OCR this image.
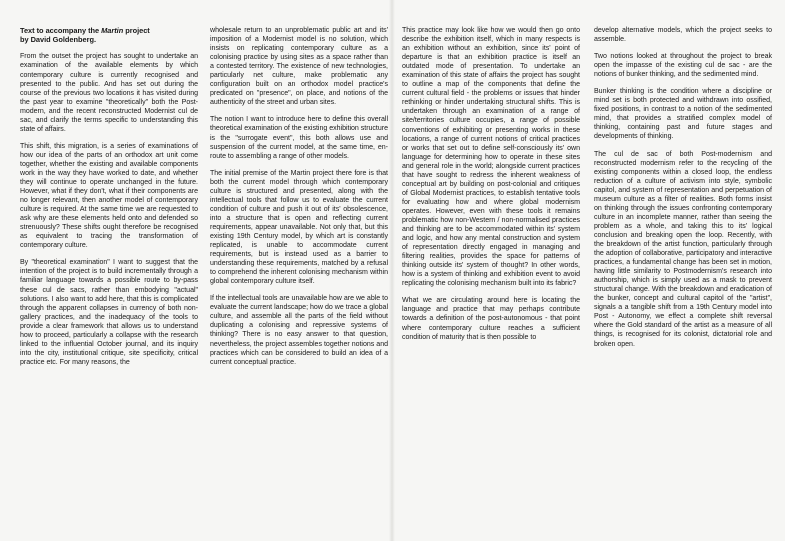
Text to accompany the Martin project
by David Goldenberg.

From the outset the project has sought to undertake an examination of the available elements by which contemporary culture is currently recognised and presented to the public. And has set out during the course of the previous two locations it has visited during the past year to examine "theoretically" both the Post-modern, and the recent reconstructed Modernist cul de sac, and clarify the terms specific to understanding this state of affairs.

This shift, this migration, is a series of examinations of how our idea of the parts of an orthodox art unit come together, whether the existing and available components work in the way they have worked to date, and whether they will continue to operate unchanged in the future. However, what if they don't, what if their components are no longer relevant, then another model of contemporary culture is required. At the same time we are requested to ask why are these elements held onto and defended so strenuously? These shifts ought therefore be recognised as equivalent to tracing the transformation of contemporary culture.

By "theoretical examination" I want to suggest that the intention of the project is to build incrementally through a familiar language towards a possible route to by-pass these cul de sacs, rather than embodying "actual" solutions. I also want to add here, that this is complicated through the apparent collapses in currency of both non-gallery practices, and the inadequacy of the tools to provide a clear framework that allows us to understand how to proceed, particularly a collapse with the research linked to the influential October journal, and its inquiry into the city, institutional critique, site specificity, critical practice etc. For many reasons, the

wholesale return to an unproblematic public art and its' imposition of a Modernist model is no solution, which insists on replicating contemporary culture as a colonising practice by using sites as a space rather than a contested territory. The existence of new technologies, particularly net culture, make problematic any configuration built on an orthodox model practice's predicated on "presence", on place, and notions of the authenticity of the street and urban sites.

The notion I want to introduce here to define this overall theoretical examination of the existing exhibition structure is the "surrogate event", this both allows use and suspension of the current model, at the same time, en-route to assembling a range of other models.

The initial premise of the Martin project there fore is that both the current model through which contemporary culture is structured and presented, along with the intellectual tools that follow us to evaluate the current condition of culture and push it out of its' obsolescence, into a structure that is open and reflecting current requirements, appear unavailable. Not only that, but this existing 19th Century model, by which art is constantly replicated, is unable to accommodate current requirements, but is instead used as a barrier to understanding these requirements, matched by a refusal to comprehend the inherent colonising mechanism within global contemporary culture itself.

If the intellectual tools are unavailable how are we able to evaluate the current landscape; how do we trace a global culture, and assemble all the parts of the field without duplicating a colonising and repressive systems of thinking? There is no easy answer to that question, nevertheless, the project assembles together notions and practices which can be considered to build an idea of a current conceptual practice.

This practice may look like how we would then go onto describe the exhibition itself, which in many respects is an exhibition without an exhibition, since its' point of departure is that an exhibition practice is itself an outdated mode of presentation. To undertake an examination of this state of affairs the project has sought to outline a map of the components that define the current cultural field - the problems or issues that hinder rethinking or hinder undertaking structural shifts. This is undertaken through an examination of a range of site/territories culture occupies, a range of possible conventions of exhibiting or presenting works in these locations, a range of current notions of critical practices or works that set out to define self-consciously its' own language for determining how to operate in these sites and general role in the world; alongside current practices that have sought to redress the inherent weakness of conceptual art by building on post-colonial and critiques of Global Modernist practices, to establish tentative tools for evaluating how and where global modernism operates. However, even with these tools it remains problematic how non-Western / non-normalised practices and thinking are to be accommodated within its' system and logic, and how any mental construction and system of representation directly engaged in managing and filtering realities, provides the space for patterns of thinking outside its' system of thought? In other words, how is a system of thinking and exhibition event to avoid replicating the colonising mechanism built into its fabric?

What we are circulating around here is locating the language and practice that may perhaps contribute towards a definition of the post-autonomous - that point where contemporary culture reaches a sufficient condition of maturity that is then possible to

develop alternative models, which the project seeks to assemble.

Two notions looked at throughout the project to break open the impasse of the existing cul de sac - are the notions of bunker thinking, and the sedimented mind.

Bunker thinking is the condition where a discipline or mind set is both protected and withdrawn into ossified, fixed positions, in contrast to a notion of the sedimented mind, that provides a stratified complex model of thinking, containing past and future stages and developments of thinking.

The cul de sac of both Post-modernism and reconstructed modernism refer to the recycling of the existing components within a closed loop, the endless reduction of a culture of activism into style, symbolic capitol, and system of representation and perpetuation of museum culture as a filter of realities. Both forms insist on thinking through the issues confronting contemporary culture in an incomplete manner, rather than seeing the problem as a whole, and taking this to its' logical conclusion and breaking open the loop. Recently, with the breakdown of the artist function, particularly through the adoption of collaborative, participatory and interactive practices, a fundamental change has been set in motion, having little similarity to Postmodernism's research into authorship, which is simply used as a mask to prevent structural change. With the breakdown and eradication of the bunker, concept and cultural capitol of the "artist", signals a a tangible shift from a 19th Century model into Post - Autonomy, we effect a complete shift reversal where the Gold standard of the artist as a measure of all things, is recognised for its colonist, dictatorial role and broken open.
